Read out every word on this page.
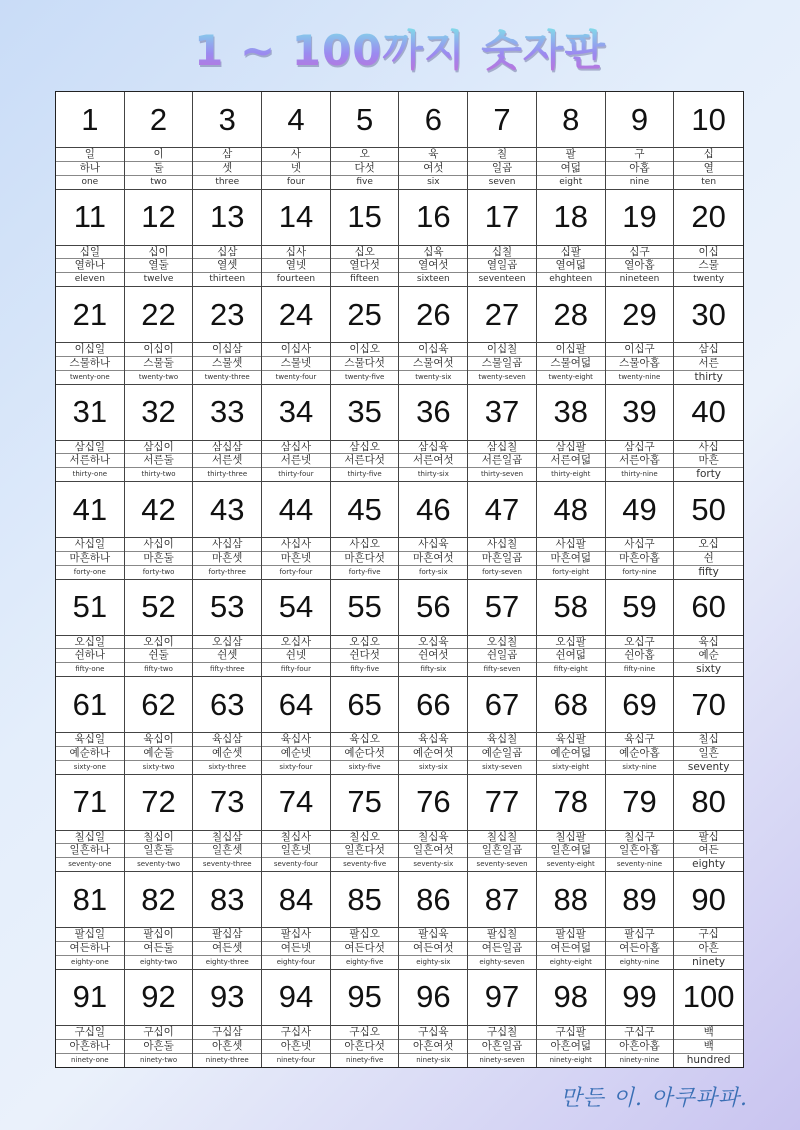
1 ~ 100까지 숫자판
1
일
하나
one
2
이
둘
two
3
삼
셋
three
4
사
넷
four
5
오
다섯
five
6
육
여섯
six
7
칠
일곱
seven
8
팔
여덟
eight
9
구
아홉
nine
10
십
열
ten
11
십일
열하나
eleven
12
십이
열둘
twelve
13
십삼
열셋
thirteen
14
십사
열넷
fourteen
15
십오
열다섯
fifteen
16
십육
열여섯
sixteen
17
십칠
열일곱
seventeen
18
십팔
열여덟
ehghteen
19
십구
열아홉
nineteen
20
이십
스물
twenty
21
이십일
스물하나
twenty-one
22
이십이
스물둘
twenty-two
23
이십삼
스물셋
twenty-three
24
이십사
스물넷
twenty-four
25
이십오
스물다섯
twenty-five
26
이십육
스물여섯
twenty-six
27
이십칠
스물일곱
twenty-seven
28
이십팔
스물여덟
twenty-eight
29
이십구
스물아홉
twenty-nine
30
삼십
서른
thirty
31
삼십일
서른하나
thirty-one
32
삼십이
서른둘
thirty-two
33
삼십삼
서른셋
thirty-three
34
삼십사
서른넷
thirty-four
35
삼십오
서른다섯
thirty-five
36
삼십육
서른여섯
thirty-six
37
삼십칠
서른일곱
thirty-seven
38
삼십팔
서른여덟
thirty-eight
39
삼십구
서른아홉
thirty-nine
40
사십
마흔
forty
41
사십일
마흔하나
forty-one
42
사십이
마흔둘
forty-two
43
사십삼
마흔셋
forty-three
44
사십사
마흔넷
forty-four
45
사십오
마흔다섯
forty-five
46
사십육
마흔여섯
forty-six
47
사십칠
마흔일곱
forty-seven
48
사십팔
마흔여덟
forty-eight
49
사십구
마흔아홉
forty-nine
50
오십
쉰
fifty
51
오십일
쉰하나
fifty-one
52
오십이
쉰둘
fifty-two
53
오십삼
쉰셋
fifty-three
54
오십사
쉰넷
fifty-four
55
오십오
쉰다섯
fifty-five
56
오십육
쉰여섯
fifty-six
57
오십칠
쉰일곱
fifty-seven
58
오십팔
쉰여덟
fifty-eight
59
오십구
쉰아홉
fifty-nine
60
육십
예순
sixty
61
육십일
예순하나
sixty-one
62
육십이
예순둘
sixty-two
63
육십삼
예순셋
sixty-three
64
육십사
예순넷
sixty-four
65
육십오
예순다섯
sixty-five
66
육십육
예순여섯
sixty-six
67
육십칠
예순일곱
sixty-seven
68
육십팔
예순여덟
sixty-eight
69
육십구
예순아홉
sixty-nine
70
칠십
일흔
seventy
71
칠십일
일흔하나
seventy-one
72
칠십이
일흔둘
seventy-two
73
칠십삼
일흔셋
seventy-three
74
칠십사
일흔넷
seventy-four
75
칠십오
일흔다섯
seventy-five
76
칠십육
일흔여섯
seventy-six
77
칠십칠
일흔일곱
seventy-seven
78
칠십팔
일흔여덟
seventy-eight
79
칠십구
일흔아홉
seventy-nine
80
팔십
여든
eighty
81
팔십일
여든하나
eighty-one
82
팔십이
여든둘
eighty-two
83
팔십삼
여든셋
eighty-three
84
팔십사
여든넷
eighty-four
85
팔십오
여든다섯
eighty-five
86
팔십육
여든여섯
eighty-six
87
팔십칠
여든일곱
eighty-seven
88
팔십팔
여든여덟
eighty-eight
89
팔십구
여든아홉
eighty-nine
90
구십
아흔
ninety
91
구십일
아흔하나
ninety-one
92
구십이
아흔둘
ninety-two
93
구십삼
아흔셋
ninety-three
94
구십사
아흔넷
ninety-four
95
구십오
아흔다섯
ninety-five
96
구십육
아흔여섯
ninety-six
97
구십칠
아흔일곱
ninety-seven
98
구십팔
아흔여덟
ninety-eight
99
구십구
아흔아홉
ninety-nine
100
백
백
hundred
만든 이. 아쿠파파.
